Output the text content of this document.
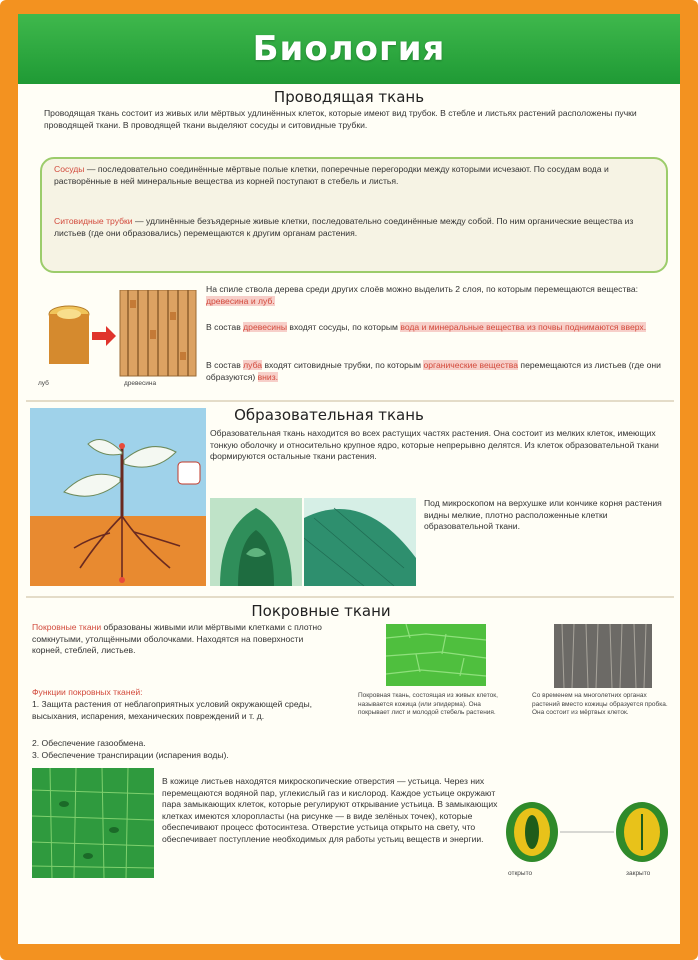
Биология
Проводящая ткань

Проводящая ткань состоит из живых или мёртвых удлинённых клеток, которые имеют вид трубок. В стебле и листьях растений расположены пучки проводящей ткани. В проводящей ткани выделяют сосуды и ситовидные трубки.

Сосуды — последовательно соединённые мёртвые полые клетки, поперечные перегородки между которыми исчезают. По сосудам вода и растворённые в ней минеральные вещества из корней поступают в стебель и листья.

Ситовидные трубки — удлинённые безъядерные живые клетки, последовательно соединённые между собой. По ним органические вещества из листьев (где они образовались) перемещаются к другим органам растения.

луб	древесина

На спиле ствола дерева среди других слоёв можно выделить 2 слоя, по которым перемещаются вещества: древесина и луб.

В состав древесины входят сосуды, по которым вода и минеральные вещества из почвы поднимаются вверх.

В состав луба входят ситовидные трубки, по которым органические вещества перемещаются из листьев (где они образуются) вниз.

Образовательная ткань

Образовательная ткань находится во всех растущих частях растения. Она состоит из мелких клеток, имеющих тонкую оболочку и относительно крупное ядро, которые непрерывно делятся. Из клеток образовательной ткани формируются остальные ткани растения.

Под микроскопом на верхушке или кончике корня растения видны мелкие, плотно расположенные клетки образовательной ткани.

Покровные ткани

Покровные ткани образованы живыми или мёртвыми клетками с плотно сомкнутыми, утолщёнными оболочками. Находятся на поверхности корней, стеблей, листьев.

Функции покровных тканей:

1. Защита растения от неблагоприятных условий окружающей среды, высыхания, испарения, механических повреждений и т. д.

2. Обеспечение газообмена.

3. Обеспечение транспирации (испарения воды).

Покровная ткань, состоящая из живых клеток, называется кожица (или эпидерма). Она покрывает лист и молодой стебель растения.

Со временем на многолетних органах растений вместо кожицы образуется пробка. Она состоит из мёртвых клеток.

В кожице листьев находятся микроскопические отверстия — устьица. Через них перемещаются водяной пар, углекислый газ и кислород. Каждое устьице окружают пара замыкающих клеток, которые регулируют открывание устьица. В замыкающих клетках имеются хлоропласты (на рисунке — в виде зелёных точек), которые обеспечивают процесс фотосинтеза. Отверстие устьица открыто на свету, что обеспечивает поступление необходимых для работы устьиц веществ и энергии.

открыто	закрыто
